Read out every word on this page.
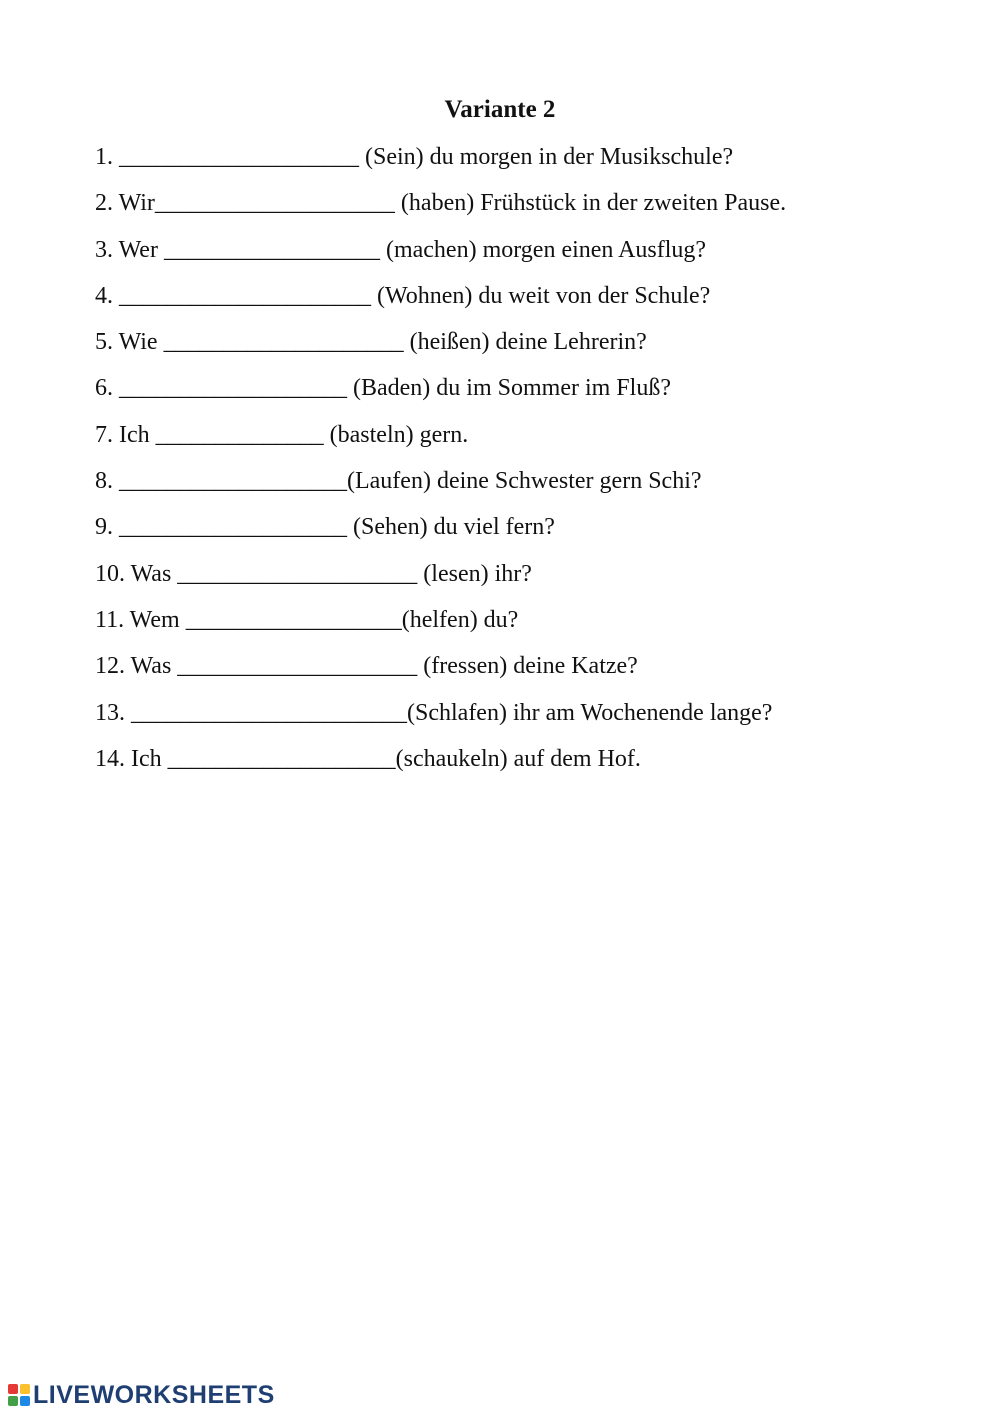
Variante 2
1. ____________________ (Sein) du morgen in der Musikschule?
2. Wir____________________ (haben) Frühstück in der zweiten Pause.
3. Wer __________________ (machen) morgen einen Ausflug?
4. _____________________ (Wohnen) du weit von der Schule?
5. Wie ____________________ (heißen) deine Lehrerin?
6. ___________________ (Baden) du im Sommer im Fluß?
7. Ich ______________ (basteln) gern.
8. ___________________(Laufen) deine Schwester gern Schi?
9. ___________________ (Sehen) du viel fern?
10. Was ____________________ (lesen) ihr?
11. Wem __________________(helfen) du?
12. Was ____________________ (fressen) deine Katze?
13. _______________________(Schlafen) ihr am Wochenende lange?
14. Ich ___________________(schaukeln) auf dem Hof.
LIVEWORKSHEETS
